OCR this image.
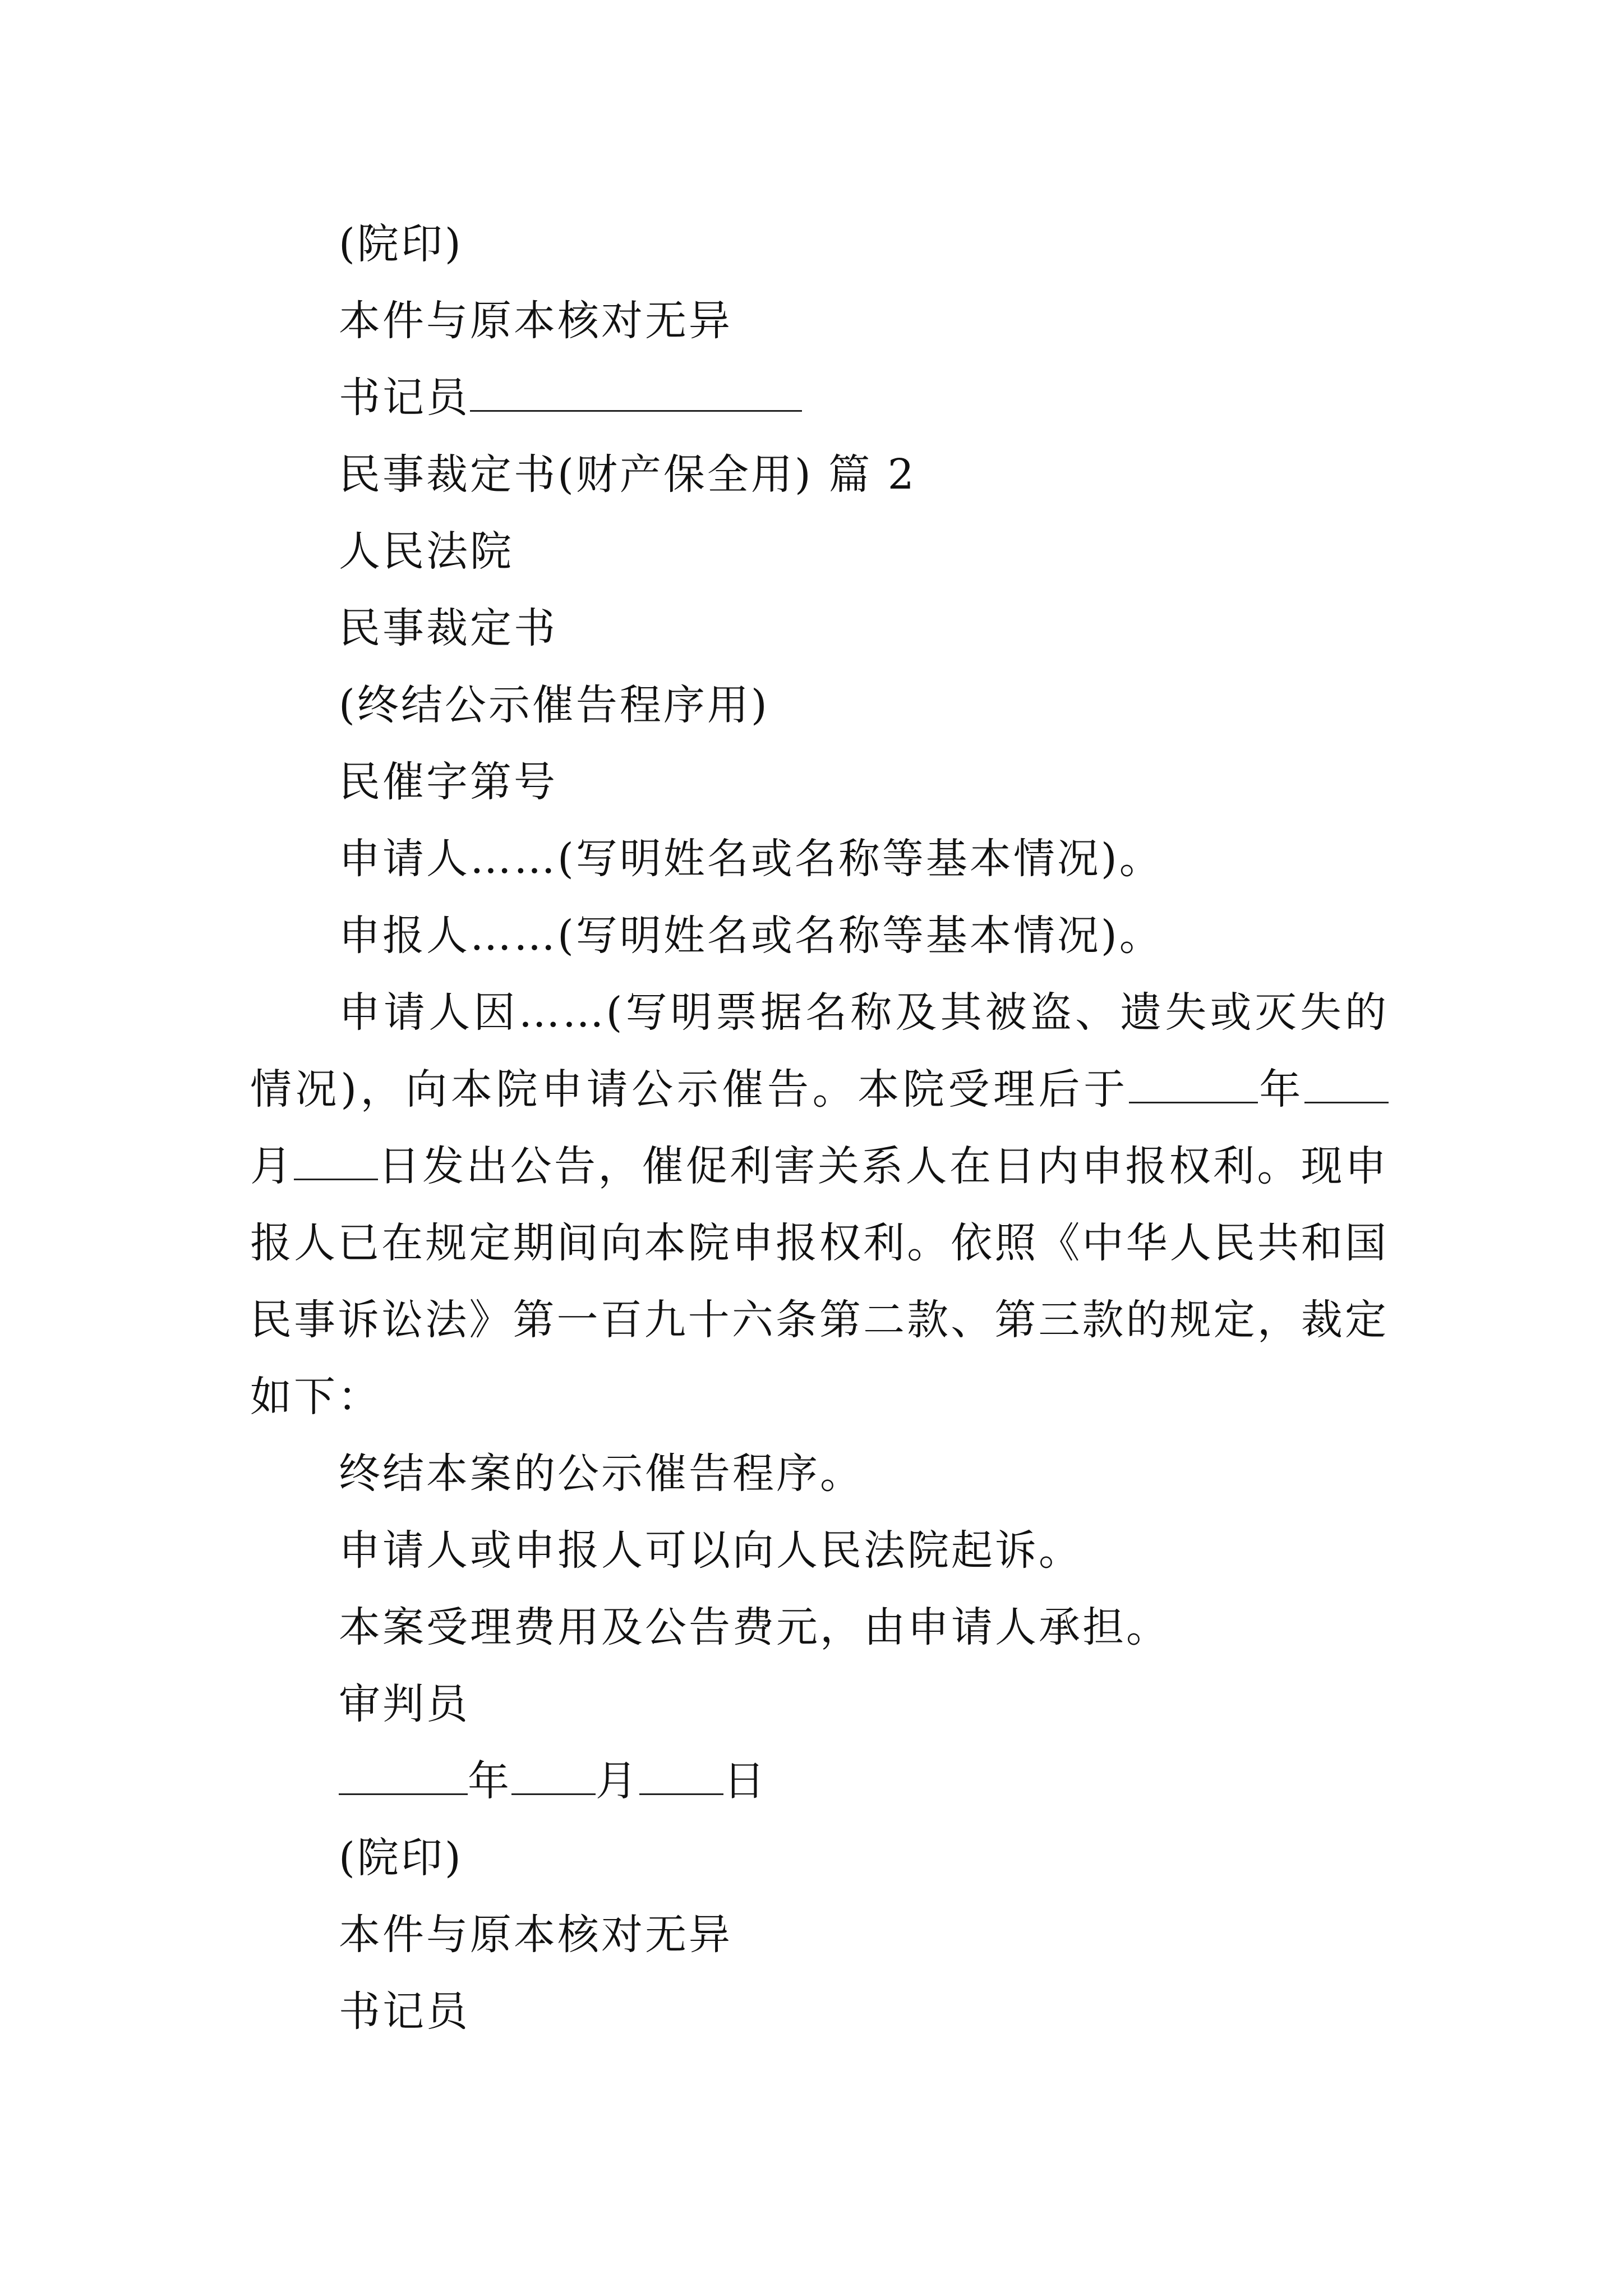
(院印)
本件与原本核对无异
书记员
民事裁定书(财产保全用) 篇 2
人民法院
民事裁定书
(终结公示催告程序用)
民催字第号
申请人……(写明姓名或名称等基本情况)。
申报人……(写明姓名或名称等基本情况)。
申请人因……(写明票据名称及其被盗、遗失或灭失的情况)，向本院申请公示催告。本院受理后于	年 月 日发出公告，催促利害关系人在日内申报权利。现申报人已在规定期间向本院申报权利。依照《中华人民共和国民事诉讼法》第一百九十六条第二款、第三款的规定，裁定如下：
终结本案的公示催告程序。
申请人或申报人可以向人民法院起诉。
本案受理费用及公告费元，由申请人承担。
审判员
年 月 日
(院印)
本件与原本核对无异
书记员
